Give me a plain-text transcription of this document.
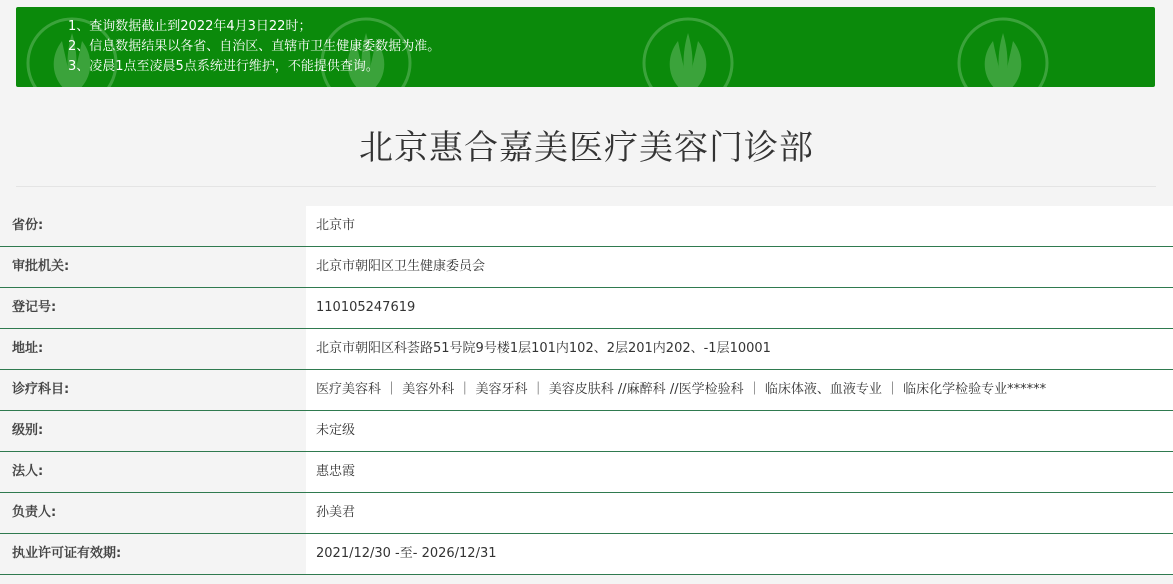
1、查询数据截止到2022年4月3日22时；
2、信息数据结果以各省、自治区、直辖市卫生健康委数据为准。
3、凌晨1点至凌晨5点系统进行维护，不能提供查询。
北京惠合嘉美医疗美容门诊部
省份:	北京市
审批机关:	北京市朝阳区卫生健康委员会
登记号:	110105247619
地址:	北京市朝阳区科荟路51号院9号楼1层101内102、2层201内202、-1层10001
诊疗科目:	医疗美容科 ｜ 美容外科 ｜ 美容牙科 ｜ 美容皮肤科 //麻醉科 //医学检验科 ｜ 临床体液、血液专业 ｜ 临床化学检验专业******
级别:	未定级
法人:	惠忠霞
负责人:	孙美君
执业许可证有效期:	2021/12/30 -至- 2026/12/31
